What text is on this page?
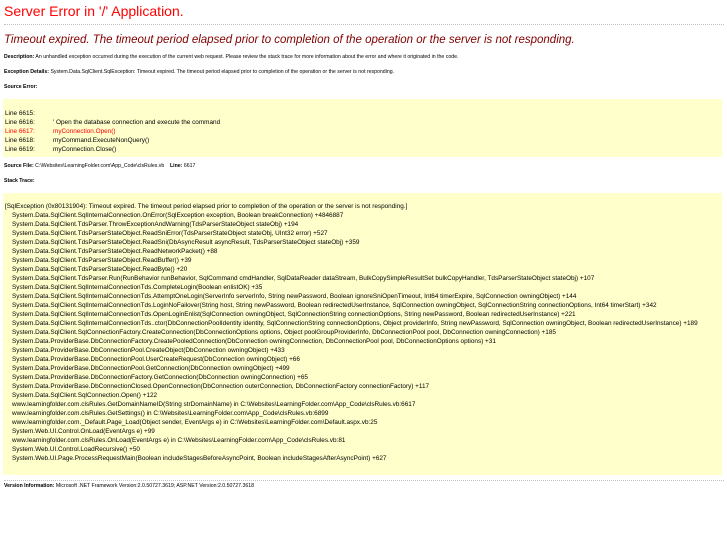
Server Error in '/' Application.
Timeout expired. The timeout period elapsed prior to completion of the operation or the server is not responding.
Description: An unhandled exception occurred during the execution of the current web request. Please review the stack trace for more information about the error and where it originated in the code.
Exception Details: System.Data.SqlClient.SqlException: Timeout expired. The timeout period elapsed prior to completion of the operation or the server is not responding.
Source Error:
Line 6615:
Line 6616:	' Open the database connection and execute the command
Line 6617:	myConnection.Open()
Line 6618:	myCommand.ExecuteNonQuery()
Line 6619:	myConnection.Close()
Source File: C:\Websites\LearningFolder.com\App_Code\clsRules.vb Line: 6617
Stack Trace:
[SqlException (0x80131904): Timeout expired. The timeout period elapsed prior to completion of the operation or the server is not responding.]
System.Data.SqlClient.SqlInternalConnection.OnError(SqlException exception, Boolean breakConnection) +4846887
System.Data.SqlClient.TdsParser.ThrowExceptionAndWarning(TdsParserStateObject stateObj) +194
System.Data.SqlClient.TdsParserStateObject.ReadSniError(TdsParserStateObject stateObj, UInt32 error) +527
System.Data.SqlClient.TdsParserStateObject.ReadSni(DbAsyncResult asyncResult, TdsParserStateObject stateObj) +359
System.Data.SqlClient.TdsParserStateObject.ReadNetworkPacket() +88
System.Data.SqlClient.TdsParserStateObject.ReadBuffer() +39
System.Data.SqlClient.TdsParserStateObject.ReadByte() +20
System.Data.SqlClient.TdsParser.Run(RunBehavior runBehavior, SqlCommand cmdHandler, SqlDataReader dataStream, BulkCopySimpleResultSet bulkCopyHandler, TdsParserStateObject stateObj) +107
System.Data.SqlClient.SqlInternalConnectionTds.CompleteLogin(Boolean enlistOK) +35
System.Data.SqlClient.SqlInternalConnectionTds.AttemptOneLogin(ServerInfo serverInfo, String newPassword, Boolean ignoreSniOpenTimeout, Int64 timerExpire, SqlConnection owningObject) +144
System.Data.SqlClient.SqlInternalConnectionTds.LoginNoFailover(String host, String newPassword, Boolean redirectedUserInstance, SqlConnection owningObject, SqlConnectionString connectionOptions, Int64 timerStart) +342
System.Data.SqlClient.SqlInternalConnectionTds.OpenLoginEnlist(SqlConnection owningObject, SqlConnectionString connectionOptions, String newPassword, Boolean redirectedUserInstance) +221
System.Data.SqlClient.SqlInternalConnectionTds..ctor(DbConnectionPoolIdentity identity, SqlConnectionString connectionOptions, Object providerInfo, String newPassword, SqlConnection owningObject, Boolean redirectedUserInstance) +189
System.Data.SqlClient.SqlConnectionFactory.CreateConnection(DbConnectionOptions options, Object poolGroupProviderInfo, DbConnectionPool pool, DbConnection owningConnection) +185
System.Data.ProviderBase.DbConnectionFactory.CreatePooledConnection(DbConnection owningConnection, DbConnectionPool pool, DbConnectionOptions options) +31
System.Data.ProviderBase.DbConnectionPool.CreateObject(DbConnection owningObject) +433
System.Data.ProviderBase.DbConnectionPool.UserCreateRequest(DbConnection owningObject) +66
System.Data.ProviderBase.DbConnectionPool.GetConnection(DbConnection owningObject) +499
System.Data.ProviderBase.DbConnectionFactory.GetConnection(DbConnection owningConnection) +65
System.Data.ProviderBase.DbConnectionClosed.OpenConnection(DbConnection outerConnection, DbConnectionFactory connectionFactory) +117
System.Data.SqlClient.SqlConnection.Open() +122
www.learningfolder.com.clsRules.GetDomainNameID(String strDomainName) in C:\Websites\LearningFolder.com\App_Code\clsRules.vb:6617
www.learningfolder.com.clsRules.GetSettings() in C:\Websites\LearningFolder.com\App_Code\clsRules.vb:6899
www.learningfolder.com._Default.Page_Load(Object sender, EventArgs e) in C:\Websites\LearningFolder.com\Default.aspx.vb:25
System.Web.UI.Control.OnLoad(EventArgs e) +99
www.learningfolder.com.clsRules.OnLoad(EventArgs e) in C:\Websites\LearningFolder.com\App_Code\clsRules.vb:81
System.Web.UI.Control.LoadRecursive() +50
System.Web.UI.Page.ProcessRequestMain(Boolean includeStagesBeforeAsyncPoint, Boolean includeStagesAfterAsyncPoint) +627
Version Information: Microsoft .NET Framework Version:2.0.50727.3619; ASP.NET Version:2.0.50727.3618
